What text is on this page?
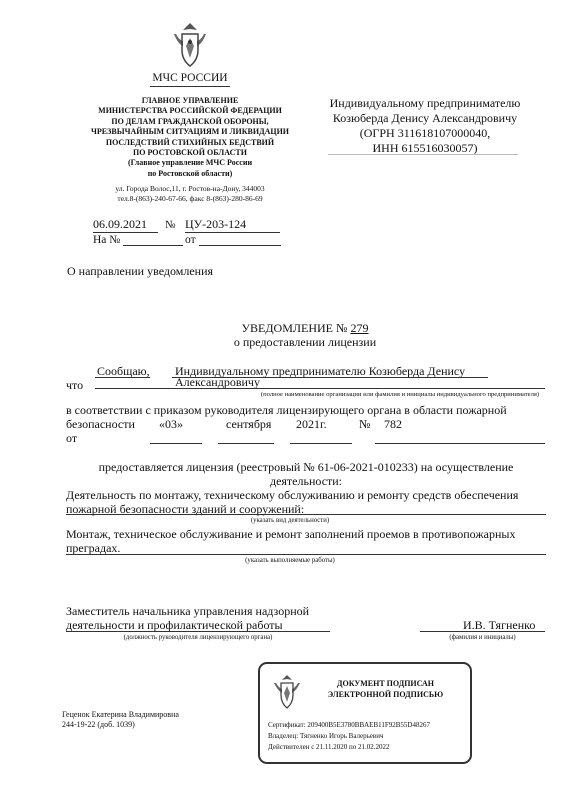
МЧС РОССИИ
ГЛАВНОЕ УПРАВЛЕНИЕ
МИНИСТЕРСТВА РОССИЙСКОЙ ФЕДЕРАЦИИ
ПО ДЕЛАМ ГРАЖДАНСКОЙ ОБОРОНЫ,
ЧРЕЗВЫЧАЙНЫМ СИТУАЦИЯМ И ЛИКВИДАЦИИ
ПОСЛЕДСТВИЙ СТИХИЙНЫХ БЕДСТВИЙ
ПО РОСТОВСКОЙ ОБЛАСТИ
(Главное управление МЧС России
по Ростовской области)
ул. Города Волос,11, г. Ростов-на-Дону, 344003
тел.8-(863)-240-67-66, факс 8-(863)-280-86-69
06.09.2021	№ ЦУ-203-124
На №	от
Индивидуальному предпринимателю
Козюберда Денису Александровичу
(ОГРН 311618107000040,
ИНН 615516030057)
О направлении уведомления
УВЕДОМЛЕНИЕ № 279
о предоставлении лицензии
Сообщаю,
что
Индивидуальному предпринимателю Козюберда Денису
Александровичу
(полное наименование организации или фамилия и инициалы индивидуального предпринимателя)
в соответствии с приказом руководителя лицензирующего органа в области пожарной
безопасности «03»	сентября 2021г.	№ 782
от
предоставляется лицензия (реестровый № 61-06-2021-010233) на осуществление
деятельности:
Деятельность по монтажу, техническому обслуживанию и ремонту средств обеспечения
пожарной безопасности зданий и сооружений:
(указать вид деятельности)
Монтаж, техническое обслуживание и ремонт заполнений проемов в противопожарных
преградах.
(указать выполняемые работы)
Заместитель начальника управления надзорной
деятельности и профилактической работы
(должность руководителя лицензирующего органа)
И.В. Тягненко
(фамилия и инициалы)
Геценок Екатерина Владимировна
244-19-22 (доб. 1039)
ДОКУМЕНТ ПОДПИСАН
ЭЛЕКТРОННОЙ ПОДПИСЬЮ
Сертификат: 209400B5E3780BBAEB11F92B55D48267
Владелец: Тягненко Игорь Валерьевич
Действителен с 21.11.2020 по 21.02.2022
